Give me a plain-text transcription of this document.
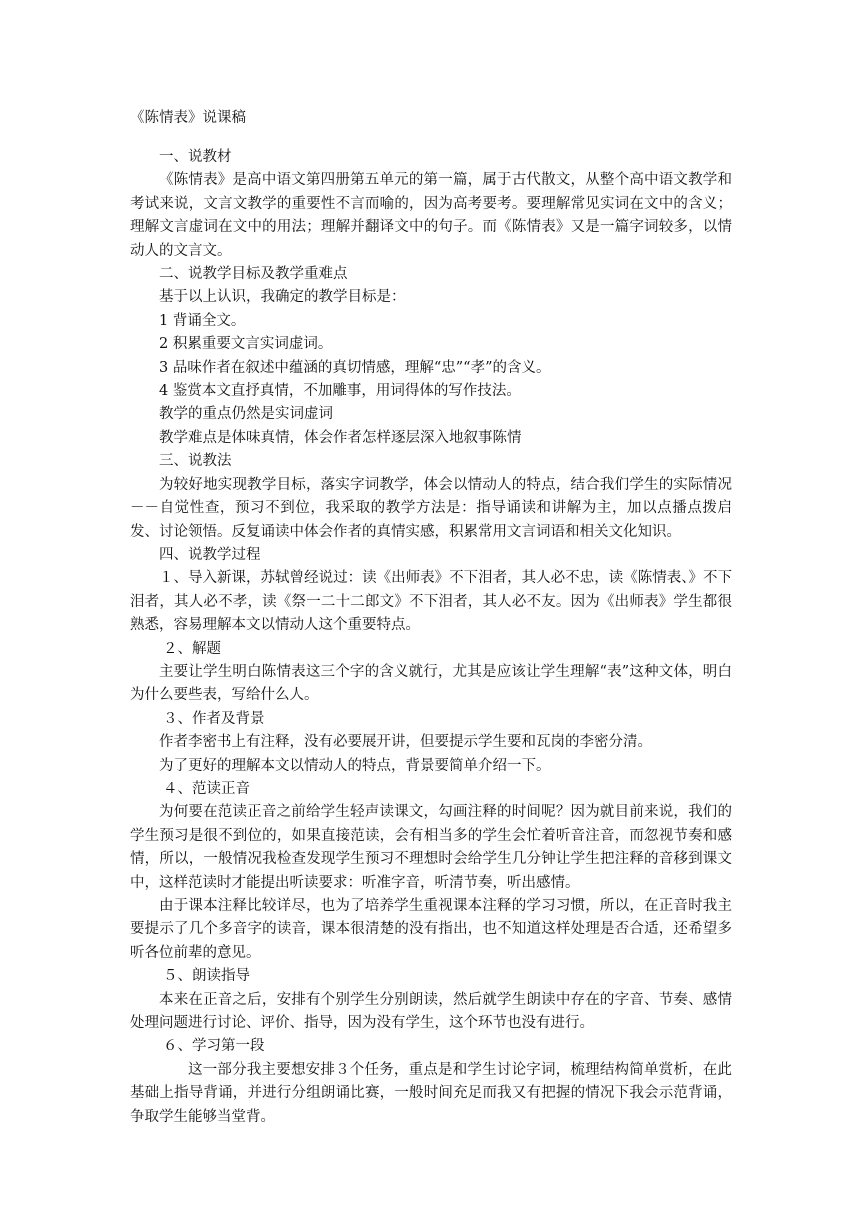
《陈情表》说课稿

一、说教材

《陈情表》是高中语文第四册第五单元的第一篇，属于古代散文，从整个高中语文教学和考试来说，文言文教学的重要性不言而喻的，因为高考要考。要理解常见实词在文中的含义；理解文言虚词在文中的用法；理解并翻译文中的句子。而《陈情表》又是一篇字词较多，以情动人的文言文。

二、说教学目标及教学重难点

基于以上认识，我确定的教学目标是：

1 背诵全文。

2 积累重要文言实词虚词。

3 品味作者在叙述中蕴涵的真切情感，理解“忠”“孝”的含义。

4 鉴赏本文直抒真情，不加雕事，用词得体的写作技法。

教学的重点仍然是实词虚词

教学难点是体味真情，体会作者怎样逐层深入地叙事陈情

三、说教法

为较好地实现教学目标，落实字词教学，体会以情动人的特点，结合我们学生的实际情况－－自觉性查，预习不到位，我采取的教学方法是：指导诵读和讲解为主，加以点播点拨启发、讨论领悟。反复诵读中体会作者的真情实感，积累常用文言词语和相关文化知识。

四、说教学过程

１、导入新课，苏轼曾经说过：读《出师表》不下泪者，其人必不忠，读《陈情表、》不下泪者，其人必不孝，读《祭一二十二郎文》不下泪者，其人必不友。因为《出师表》学生都很熟悉，容易理解本文以情动人这个重要特点。

２、解题

主要让学生明白陈情表这三个字的含义就行，尤其是应该让学生理解“表”这种文体，明白为什么要些表，写给什么人。

３、作者及背景

作者李密书上有注释，没有必要展开讲，但要提示学生要和瓦岗的李密分清。

为了更好的理解本文以情动人的特点，背景要简单介绍一下。

４、范读正音

为何要在范读正音之前给学生轻声读课文，勾画注释的时间呢？因为就目前来说，我们的学生预习是很不到位的，如果直接范读，会有相当多的学生会忙着听音注音，而忽视节奏和感情，所以，一般情况我检查发现学生预习不理想时会给学生几分钟让学生把注释的音移到课文中，这样范读时才能提出听读要求：听准字音，听清节奏，听出感情。

由于课本注释比较详尽，也为了培养学生重视课本注释的学习习惯，所以，在正音时我主要提示了几个多音字的读音，课本很清楚的没有指出，也不知道这样处理是否合适，还希望多听各位前辈的意见。

５、朗读指导

本来在正音之后，安排有个别学生分别朗读，然后就学生朗读中存在的字音、节奏、感情处理问题进行讨论、评价、指导，因为没有学生，这个环节也没有进行。

６、学习第一段

这一部分我主要想安排３个任务，重点是和学生讨论字词，梳理结构简单赏析，在此基础上指导背诵，并进行分组朗诵比赛，一般时间充足而我又有把握的情况下我会示范背诵，争取学生能够当堂背。
